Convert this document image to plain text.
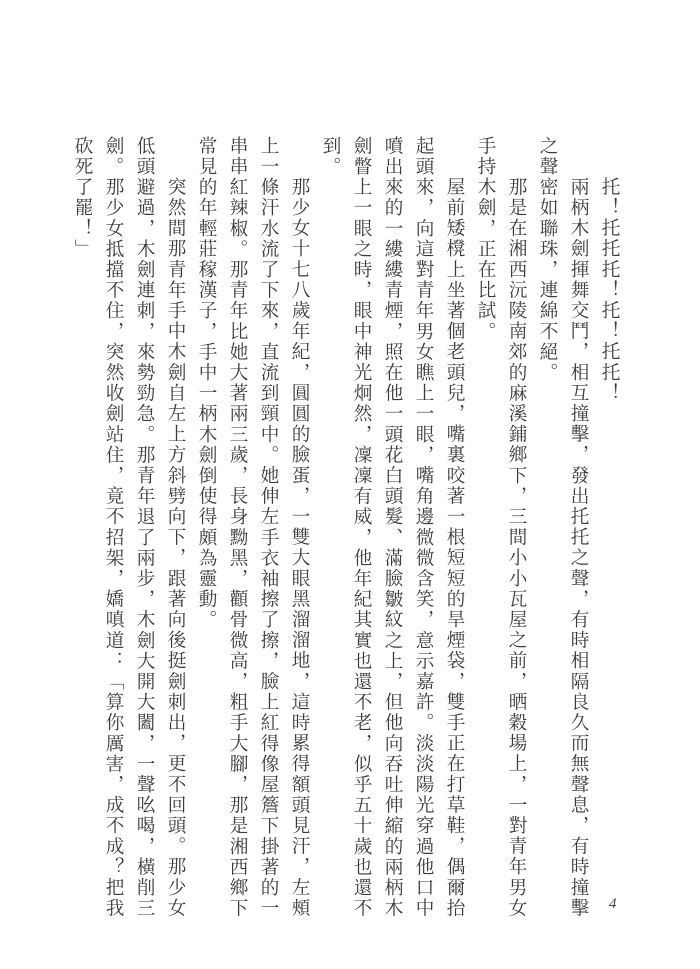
托！托托托！托！托托！

兩柄木劍揮舞交鬥，相互撞擊，發出托托之聲，有時相隔良久而無聲息，有時撞擊

之聲密如聯珠，連綿不絕。

那是在湘西沅陵南郊的麻溪鋪鄉下，三間小小瓦屋之前，晒穀場上，一對青年男女

手持木劍，正在比試。

屋前矮櫈上坐著個老頭兒，嘴裏咬著一根短短的旱煙袋，雙手正在打草鞋，偶爾抬

起頭來，向這對青年男女瞧上一眼，嘴角邊微微含笑，意示嘉許。淡淡陽光穿過他口中

噴出來的一縷縷青煙，照在他一頭花白頭髮、滿臉皺紋之上，但他向吞吐伸縮的兩柄木

劍瞥上一眼之時，眼中神光炯然，凜凜有威，他年紀其實也還不老，似乎五十歲也還不

到。

那少女十七八歲年紀，圓圓的臉蛋，一雙大眼黑溜溜地，這時累得額頭見汗，左頰

上一條汗水流了下來，直流到頸中。她伸左手衣袖擦了擦，臉上紅得像屋簷下掛著的一

串串紅辣椒。那青年比她大著兩三歲，長身黝黑，顴骨微高，粗手大腳，那是湘西鄉下

常見的年輕莊稼漢子，手中一柄木劍倒使得頗為靈動。

突然間那青年手中木劍自左上方斜劈向下，跟著向後挺劍刺出，更不回頭。那少女

低頭避過，木劍連刺，來勢勁急。那青年退了兩步，木劍大開大闔，一聲吆喝，橫削三

劍。那少女抵擋不住，突然收劍站住，竟不招架，嬌嗔道：「算你厲害，成不成？把我

砍死了罷！」

4
